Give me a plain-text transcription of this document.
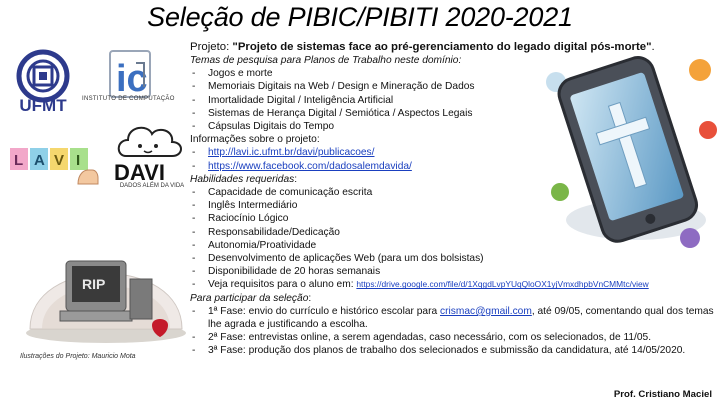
Seleção de PIBIC/PIBITI 2020-2021
UFMT
ic
INSTITUTO DE COMPUTAÇÃO
L A V I DAVI
DADOS ALÉM DA VIDA
RIP
Ilustrações do Projeto: Mauricio Mota
Projeto: "Projeto de sistemas face ao pré-gerenciamento do legado digital pós-morte".
Temas de pesquisa para Planos de Trabalho neste domínio:
- Jogos e morte
- Memoriais Digitais na Web / Design e Mineração de Dados
- Imortalidade Digital / Inteligência Artificial
- Sistemas de Herança Digital / Semiótica / Aspectos Legais
- Cápsulas Digitais do Tempo
Informações sobre o projeto:
- http://lavi.ic.ufmt.br/davi/publicacoes/
- https://www.facebook.com/dadosalemdavida/
Habilidades requeridas:
- Capacidade de comunicação escrita
- Inglês Intermediário
- Raciocínio Lógico
- Responsabilidade/Dedicação
- Autonomia/Proatividade
- Desenvolvimento de aplicações Web (para um dos bolsistas)
- Disponibilidade de 20 horas semanais
- Veja requisitos para o aluno em: https://drive.google.com/file/d/1XqgdLvpYUqQloOX1yjVmxdhpbVnCMMtc/view
Para participar da seleção:
- 1ª Fase: envio do currículo e histórico escolar para crismac@gmail.com, até 09/05, comentando qual dos temas lhe agrada e justificando a escolha.
- 2ª Fase: entrevistas online, a serem agendadas, caso necessário, com os selecionados, de 11/05.
- 3ª Fase: produção dos planos de trabalho dos selecionados e submissão da candidatura, até 14/05/2020.
Prof. Cristiano Maciel
